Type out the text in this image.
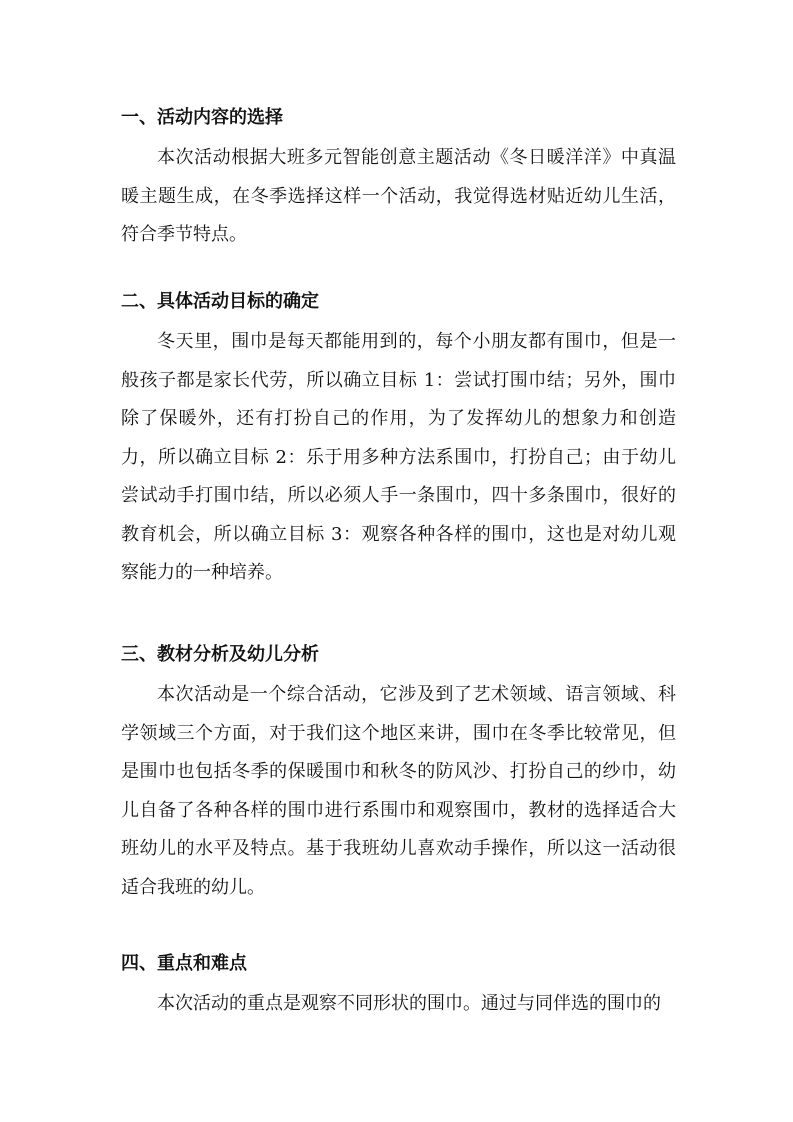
一、活动内容的选择
本次活动根据大班多元智能创意主题活动《冬日暖洋洋》中真温暖主题生成，在冬季选择这样一个活动，我觉得选材贴近幼儿生活，符合季节特点。
二、具体活动目标的确定
冬天里，围巾是每天都能用到的，每个小朋友都有围巾，但是一般孩子都是家长代劳，所以确立目标 1：尝试打围巾结；另外，围巾除了保暖外，还有打扮自己的作用，为了发挥幼儿的想象力和创造力，所以确立目标 2：乐于用多种方法系围巾，打扮自己；由于幼儿尝试动手打围巾结，所以必须人手一条围巾，四十多条围巾，很好的教育机会，所以确立目标 3：观察各种各样的围巾，这也是对幼儿观察能力的一种培养。
三、教材分析及幼儿分析
本次活动是一个综合活动，它涉及到了艺术领域、语言领域、科学领域三个方面，对于我们这个地区来讲，围巾在冬季比较常见，但是围巾也包括冬季的保暖围巾和秋冬的防风沙、打扮自己的纱巾，幼儿自备了各种各样的围巾进行系围巾和观察围巾，教材的选择适合大班幼儿的水平及特点。基于我班幼儿喜欢动手操作，所以这一活动很适合我班的幼儿。
四、重点和难点
本次活动的重点是观察不同形状的围巾。通过与同伴选的围巾的
